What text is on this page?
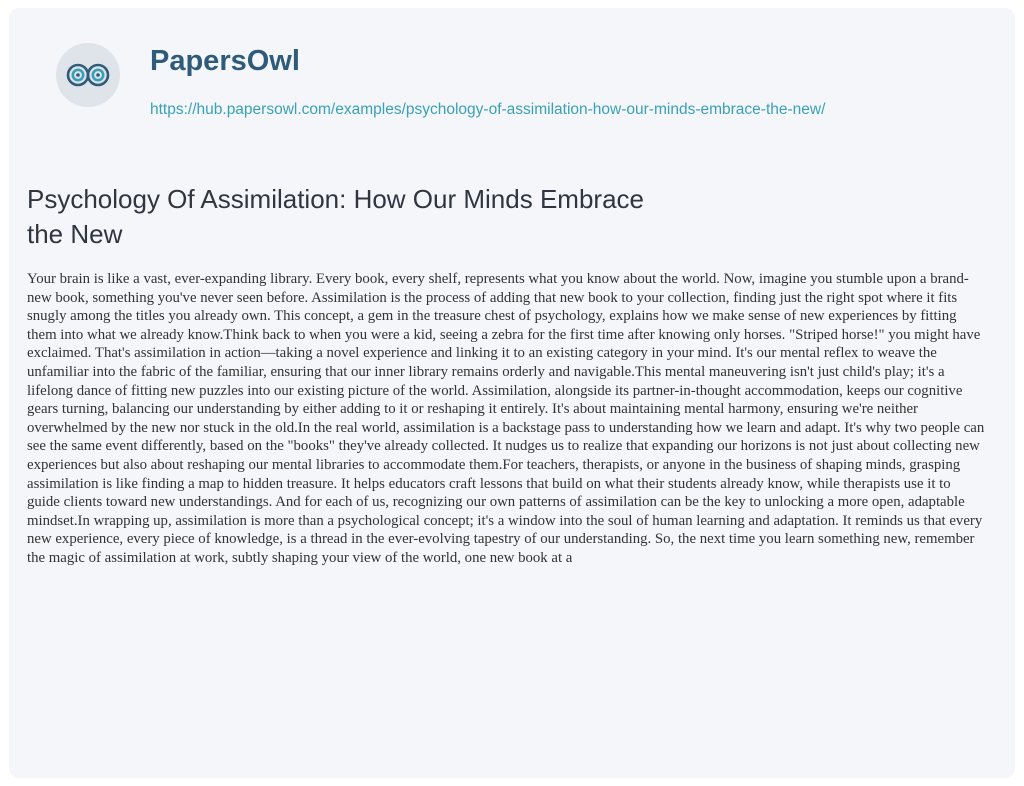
PapersOwl
https://hub.papersowl.com/examples/psychology-of-assimilation-how-our-minds-embrace-the-new/
Psychology Of Assimilation: How Our Minds Embrace the New

Your brain is like a vast, ever-expanding library. Every book, every shelf, represents what you know about the world. Now, imagine you stumble upon a brand-new book, something you've never seen before. Assimilation is the process of adding that new book to your collection, finding just the right spot where it fits snugly among the titles you already own. This concept, a gem in the treasure chest of psychology, explains how we make sense of new experiences by fitting them into what we already know.Think back to when you were a kid, seeing a zebra for the first time after knowing only horses. "Striped horse!" you might have exclaimed. That's assimilation in action—taking a novel experience and linking it to an existing category in your mind. It's our mental reflex to weave the unfamiliar into the fabric of the familiar, ensuring that our inner library remains orderly and navigable.This mental maneuvering isn't just child's play; it's a lifelong dance of fitting new puzzles into our existing picture of the world. Assimilation, alongside its partner-in-thought accommodation, keeps our cognitive gears turning, balancing our understanding by either adding to it or reshaping it entirely. It's about maintaining mental harmony, ensuring we're neither overwhelmed by the new nor stuck in the old.In the real world, assimilation is a backstage pass to understanding how we learn and adapt. It's why two people can see the same event differently, based on the "books" they've already collected. It nudges us to realize that expanding our horizons is not just about collecting new experiences but also about reshaping our mental libraries to accommodate them.For teachers, therapists, or anyone in the business of shaping minds, grasping assimilation is like finding a map to hidden treasure. It helps educators craft lessons that build on what their students already know, while therapists use it to guide clients toward new understandings. And for each of us, recognizing our own patterns of assimilation can be the key to unlocking a more open, adaptable mindset.In wrapping up, assimilation is more than a psychological concept; it's a window into the soul of human learning and adaptation. It reminds us that every new experience, every piece of knowledge, is a thread in the ever-evolving tapestry of our understanding. So, the next time you learn something new, remember the magic of assimilation at work, subtly shaping your view of the world, one new book at a
